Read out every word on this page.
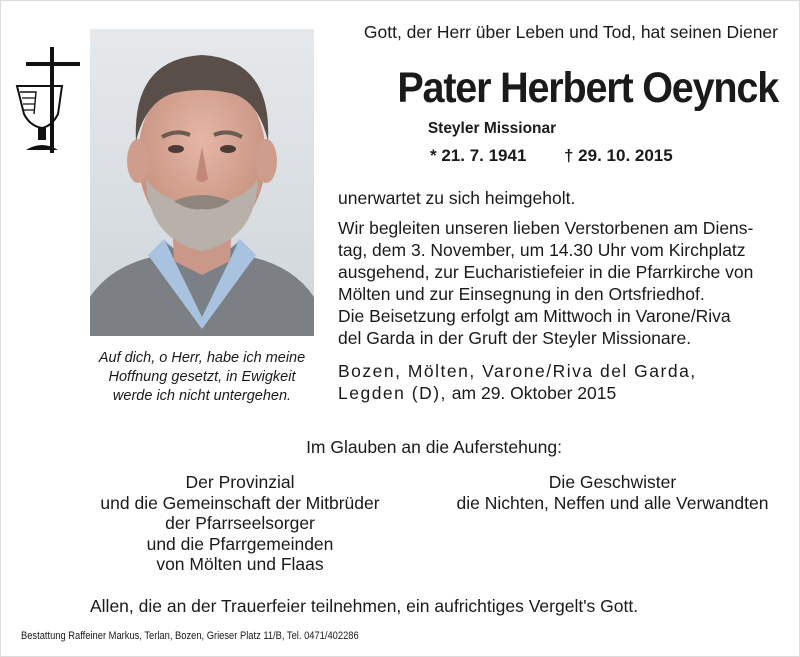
Auf dich, o Herr, habe ich meine
Hoffnung gesetzt, in Ewigkeit
werde ich nicht untergehen.
Gott, der Herr über Leben und Tod, hat seinen Diener
Pater Herbert Oeynck
Steyler Missionar
* 21. 7. 1941 † 29. 10. 2015
unerwartet zu sich heimgeholt.
Wir begleiten unseren lieben Verstorbenen am Diens-
tag, dem 3. November, um 14.30 Uhr vom Kirchplatz
ausgehend, zur Eucharistiefeier in die Pfarrkirche von
Mölten und zur Einsegnung in den Ortsfriedhof.
Die Beisetzung erfolgt am Mittwoch in Varone/Riva
del Garda in der Gruft der Steyler Missionare.
Bozen, Mölten, Varone/Riva del Garda,
Legden (D), am 29. Oktober 2015
Im Glauben an die Auferstehung:
Der Provinzial
und die Gemeinschaft der Mitbrüder
der Pfarrseelsorger
und die Pfarrgemeinden
von Mölten und Flaas
Die Geschwister
die Nichten, Neffen und alle Verwandten
Allen, die an der Trauerfeier teilnehmen, ein aufrichtiges Vergelt's Gott.
Bestattung Raffeiner Markus, Terlan, Bozen, Grieser Platz 11/B, Tel. 0471/402286
